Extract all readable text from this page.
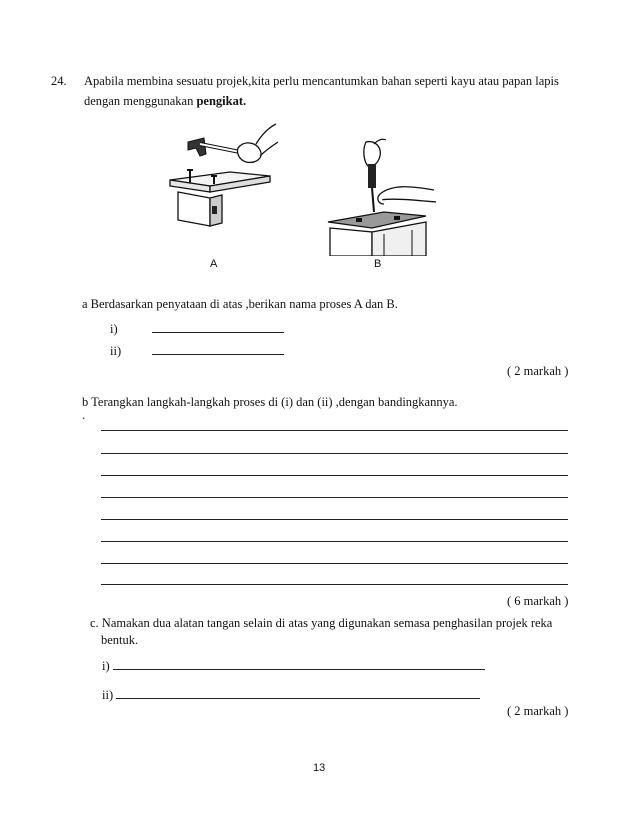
24. Apabila membina sesuatu projek,kita perlu mencantumkan bahan seperti kayu atau papan lapis
dengan menggunakan pengikat.
A	B
a Berdasarkan penyataan di atas ,berikan nama proses A dan B.
i)
ii)
( 2 markah )
b Terangkan langkah-langkah proses di (i) dan (ii) ,dengan bandingkannya.
.
( 6 markah )
c. Namakan dua alatan tangan selain di atas yang digunakan semasa penghasilan projek reka
bentuk.
i)
ii)
( 2 markah )
13
